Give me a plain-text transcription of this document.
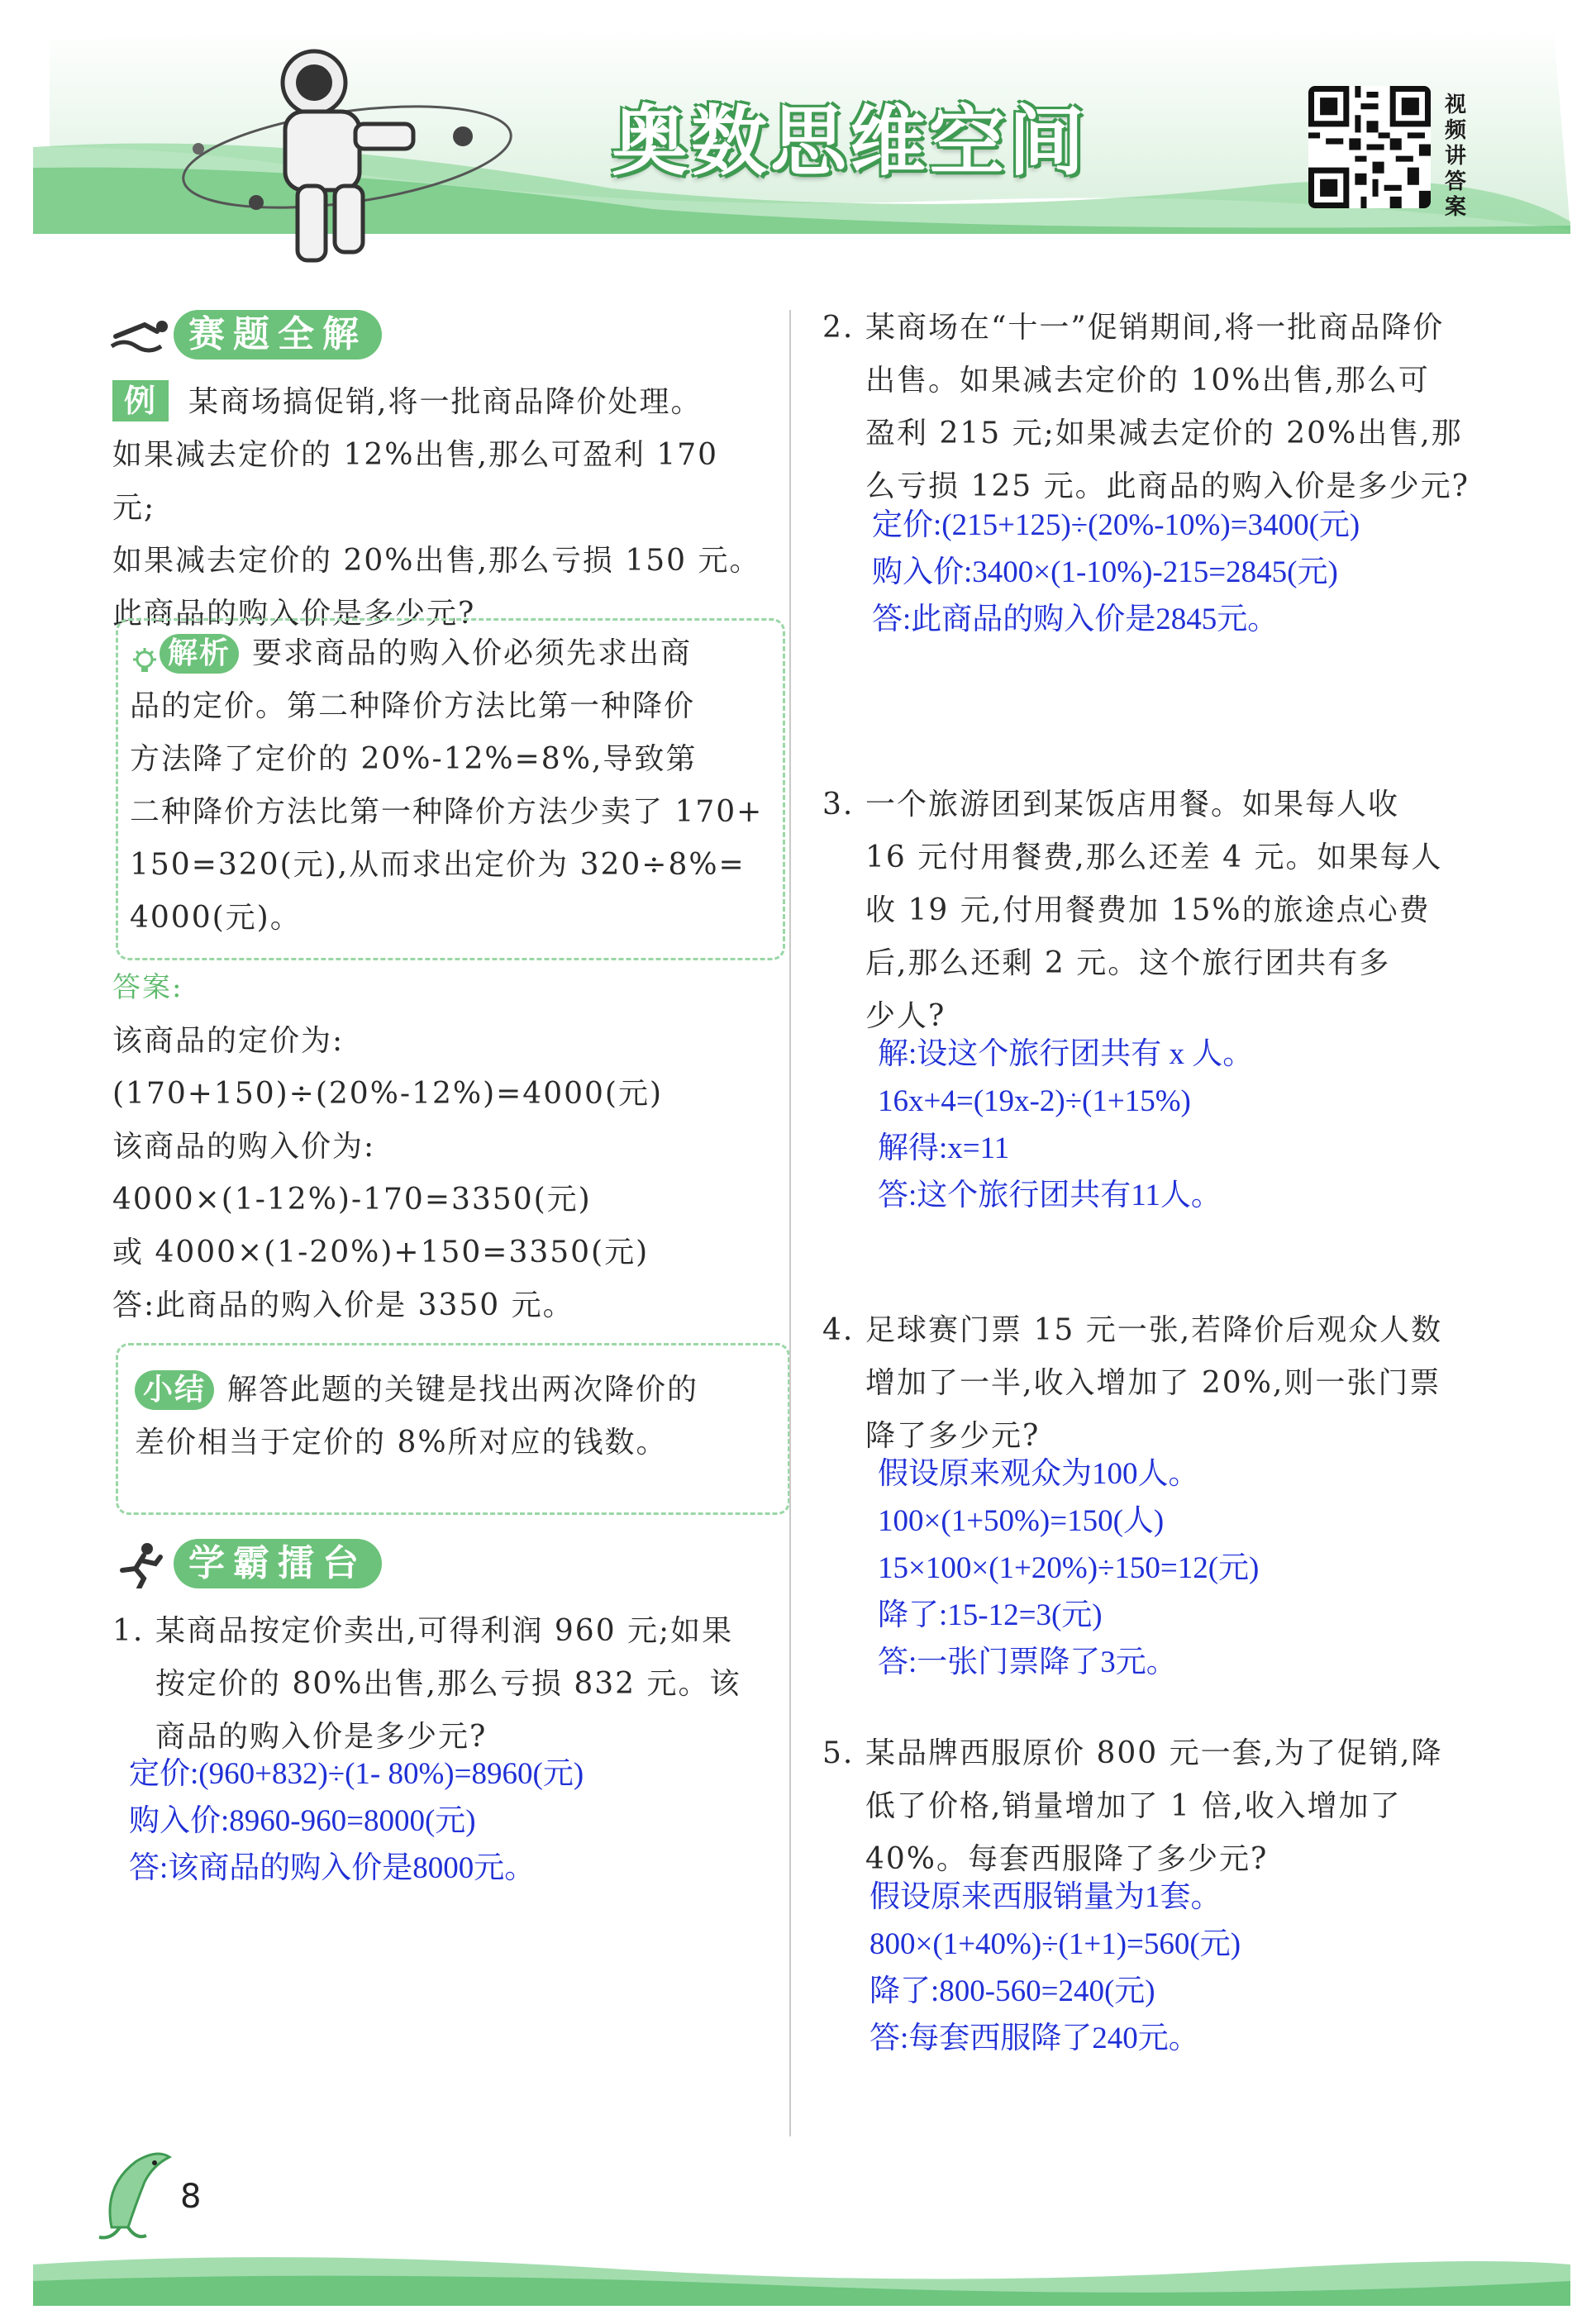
奥数思维空间	视频讲答案
赛题全解
例 某商场搞促销,将一批商品降价处理。
如果减去定价的 12%出售,那么可盈利 170 元;
如果减去定价的 20%出售,那么亏损 150 元。
此商品的购入价是多少元?
解析 要求商品的购入价必须先求出商
品的定价。第二种降价方法比第一种降价
方法降了定价的 20%-12%=8%,导致第
二种降价方法比第一种降价方法少卖了 170+
150=320(元),从而求出定价为 320÷8%=
4000(元)。
答案:
该商品的定价为:
(170+150)÷(20%-12%)=4000(元)
该商品的购入价为:
4000×(1-12%)-170=3350(元)
或 4000×(1-20%)+150=3350(元)
答:此商品的购入价是 3350 元。
小结 解答此题的关键是找出两次降价的
差价相当于定价的 8%所对应的钱数。
学霸擂台
1. 某商品按定价卖出,可得利润 960 元;如果
按定价的 80%出售,那么亏损 832 元。该
商品的购入价是多少元?
定价:(960+832)÷(1- 80%)=8960(元)
购入价:8960-960=8000(元)
答:该商品的购入价是8000元。
2. 某商场在“十一”促销期间,将一批商品降价
出售。如果减去定价的 10%出售,那么可
盈利 215 元;如果减去定价的 20%出售,那
么亏损 125 元。此商品的购入价是多少元?
定价:(215+125)÷(20%-10%)=3400(元)
购入价:3400×(1-10%)-215=2845(元)
答:此商品的购入价是2845元。
3. 一个旅游团到某饭店用餐。如果每人收
16 元付用餐费,那么还差 4 元。如果每人
收 19 元,付用餐费加 15%的旅途点心费
后,那么还剩 2 元。这个旅行团共有多
少人?
解:设这个旅行团共有 x 人。
16x+4=(19x-2)÷(1+15%)
解得:x=11
答:这个旅行团共有11人。
4. 足球赛门票 15 元一张,若降价后观众人数
增加了一半,收入增加了 20%,则一张门票
降了多少元?
假设原来观众为100人。
100×(1+50%)=150(人)
15×100×(1+20%)÷150=12(元)
降了:15-12=3(元)
答:一张门票降了3元。
5. 某品牌西服原价 800 元一套,为了促销,降
低了价格,销量增加了 1 倍,收入增加了
40%。每套西服降了多少元?
假设原来西服销量为1套。
800×(1+40%)÷(1+1)=560(元)
降了:800-560=240(元)
答:每套西服降了240元。
8
